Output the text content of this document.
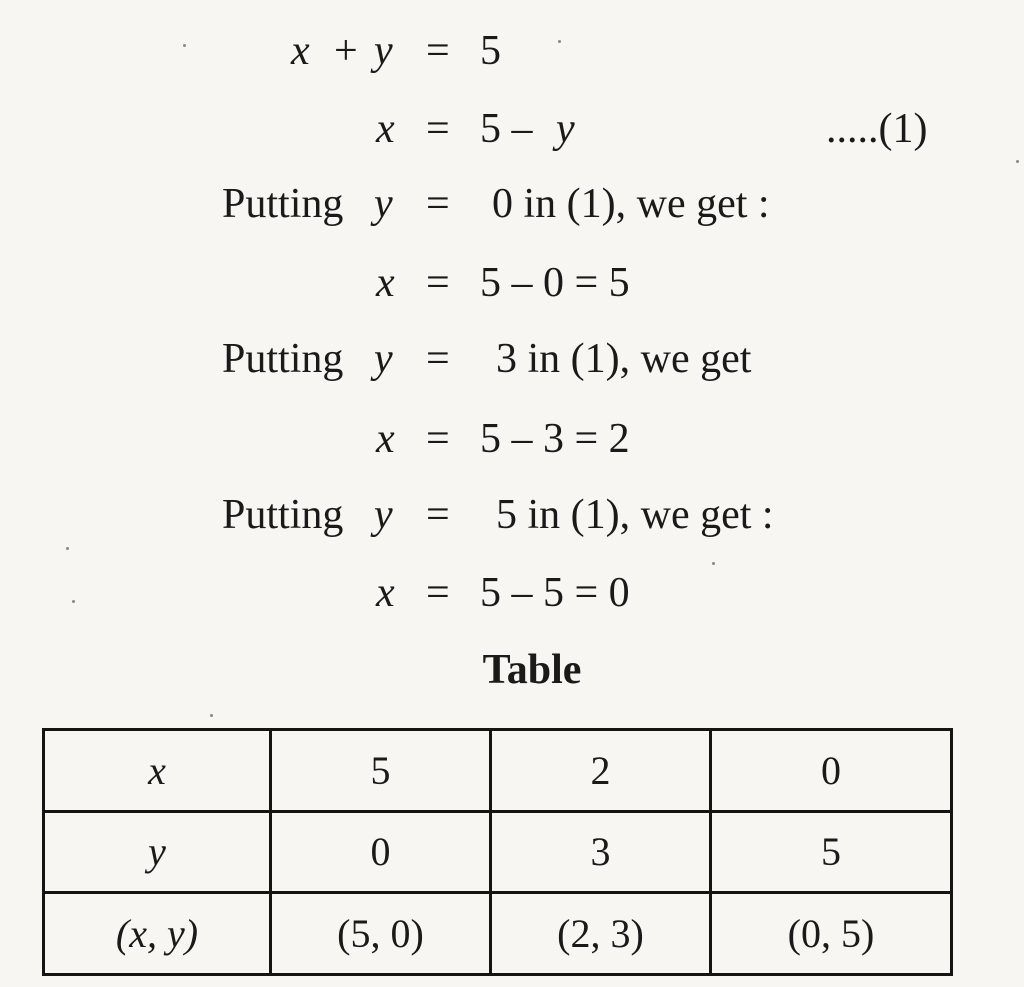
x + y = 5
x = 5 – y	.....(1)
Putting y = 0 in (1), we get :
x = 5 – 0 = 5
Putting y = 3 in (1), we get
x = 5 – 3 = 2
Putting y = 5 in (1), we get :
x = 5 – 5 = 0
Table
x	5	2	0
y	0	3	5
(x, y)	(5, 0)	(2, 3)	(0, 5)
